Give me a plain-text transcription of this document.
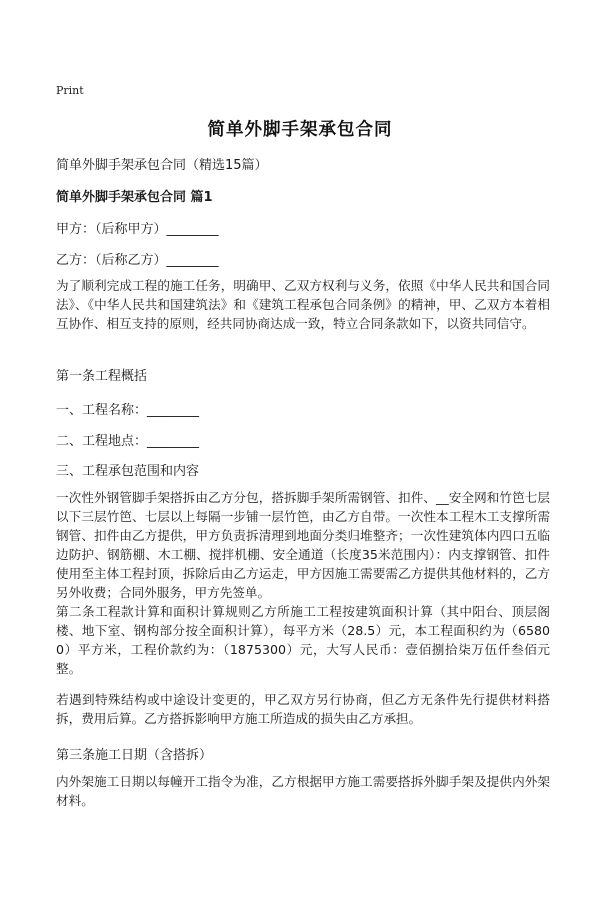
Print
简单外脚手架承包合同
简单外脚手架承包合同（精选15篇）
简单外脚手架承包合同 篇1
甲方：（后称甲方）________
乙方：（后称乙方）________
为了顺利完成工程的施工任务，明确甲、乙双方权利与义务，依照《中华人民共和国合同法》、《中华人民共和国建筑法》和《建筑工程承包合同条例》的精神，甲、乙双方本着相互协作、相互支持的原则，经共同协商达成一致，特立合同条款如下，以资共同信守。
第一条工程概括
一、工程名称：________
二、工程地点：________
三、工程承包范围和内容
一次性外钢管脚手架搭拆由乙方分包，搭拆脚手架所需钢管、扣件、__安全网和竹笆七层以下三层竹笆、七层以上每隔一步铺一层竹笆，由乙方自带。一次性本工程木工支撑所需钢管、扣件由乙方提供，甲方负责拆清理到地面分类归堆整齐；一次性建筑体内四口五临边防护、钢筋棚、木工棚、搅拌机棚、安全通道（长度35米范围内）：内支撑钢管、扣件使用至主体工程封顶，拆除后由乙方运走，甲方因施工需要需乙方提供其他材料的，乙方另外收费；合同外服务，甲方先签单。
第二条工程款计算和面积计算规则乙方所施工工程按建筑面积计算（其中阳台、顶层阁楼、地下室、钢构部分按全面积计算），每平方米（28.5）元，本工程面积约为（65800）平方米，工程价款约为：（1875300）元，大写人民币：壹佰捌拾柒万伍仟叁佰元整。
若遇到特殊结构或中途设计变更的，甲乙双方另行协商，但乙方无条件先行提供材料搭拆，费用后算。乙方搭拆影响甲方施工所造成的损失由乙方承担。
第三条施工日期（含搭拆）
内外架施工日期以每幢开工指令为准，乙方根据甲方施工需要搭拆外脚手架及提供内外架材料。
